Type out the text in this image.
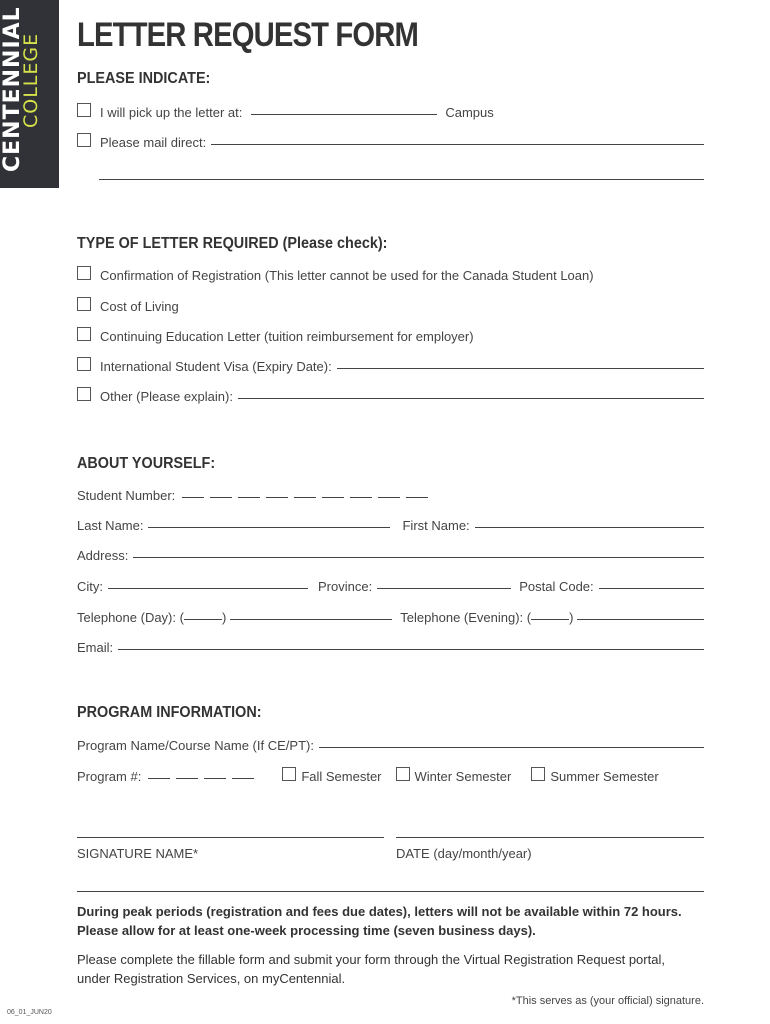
CENTENNIAL
COLLEGE LETTER REQUEST FORM
PLEASE INDICATE:
I will pick up the letter at:	Campus
Please mail direct:
TYPE OF LETTER REQUIRED (Please check):
Confirmation of Registration (This letter cannot be used for the Canada Student Loan)
Cost of Living
Continuing Education Letter (tuition reimbursement for employer)
International Student Visa (Expiry Date):
Other (Please explain):
ABOUT YOURSELF:
Student Number:
Last Name:	First Name:
Address:
City:	Province:	Postal Code:
Telephone (Day): (	)	Telephone (Evening): (	)
Email:
PROGRAM INFORMATION:
Program Name/Course Name (If CE/PT):
Program #:	Fall Semester	Winter Semester	Summer Semester
SIGNATURE NAME*	DATE (day/month/year)
During peak periods (registration and fees due dates), letters will not be available within 72 hours. Please allow for at least one-week processing time (seven business days).
Please complete the fillable form and submit your form through the Virtual Registration Request portal, under Registration Services, on myCentennial.
*This serves as (your official) signature.
06_01_JUN20
